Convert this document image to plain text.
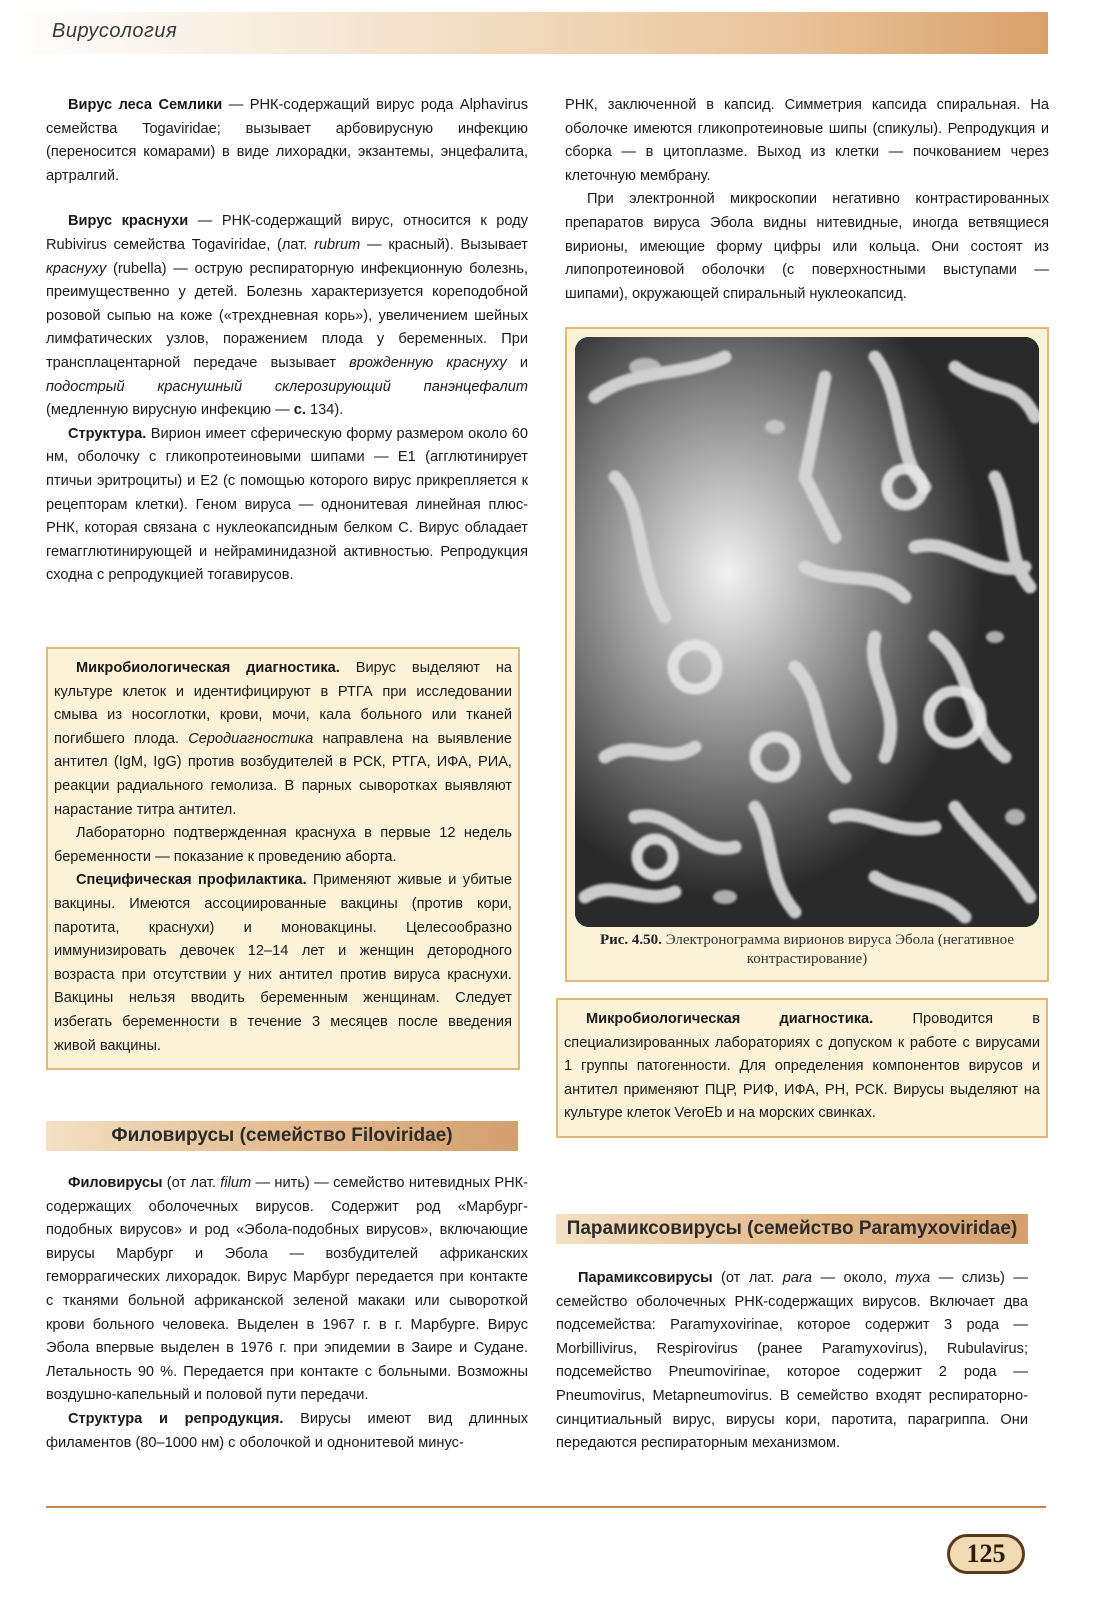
Вирусология

Вирус леса Семлики — РНК-содержащий вирус рода Alphavirus семейства Togaviridae; вызывает арбовирусную инфекцию (переносится комарами) в виде лихорадки, экзантемы, энцефалита, артралгий.

Вирус краснухи — РНК-содержащий вирус, относится к роду Rubivirus семейства Togaviridae, (лат. rubrum — красный). Вызывает краснуху (rubella) — острую респираторную инфекционную болезнь, преимущественно у детей. Болезнь характеризуется кореподобной розовой сыпью на коже («трехдневная корь»), увеличением шейных лимфатических узлов, поражением плода у беременных. При трансплацентарной передаче вызывает врожденную краснуху и подострый краснушный склерозирующий панэнцефалит (медленную вирусную инфекцию — с. 134).

Структура. Вирион имеет сферическую форму размером около 60 нм, оболочку с гликопротеиновыми шипами — E1 (агглютинирует птичьи эритроциты) и E2 (с помощью которого вирус прикрепляется к рецепторам клетки). Геном вируса — однонитевая линейная плюс-РНК, которая связана с нуклеокапсидным белком С. Вирус обладает гемагглютинирующей и нейраминидазной активностью. Репродукция сходна с репродукцией тогавирусов.

Микробиологическая диагностика. Вирус выделяют на культуре клеток и идентифицируют в РТГА при исследовании смыва из носоглотки, крови, мочи, кала больного или тканей погибшего плода. Серодиагностика направлена на выявление антител (IgM, IgG) против возбудителей в РСК, РТГА, ИФА, РИА, реакции радиального гемолиза. В парных сыворотках выявляют нарастание титра антител.

Лабораторно подтвержденная краснуха в первые 12 недель беременности — показание к проведению аборта.

Специфическая профилактика. Применяют живые и убитые вакцины. Имеются ассоциированные вакцины (против кори, паротита, краснухи) и моновакцины. Целесообразно иммунизировать девочек 12–14 лет и женщин детородного возраста при отсутствии у них антител против вируса краснухи. Вакцины нельзя вводить беременным женщинам. Следует избегать беременности в течение 3 месяцев после введения живой вакцины.

Филовирусы (семейство Filoviridae)

Филовирусы (от лат. filum — нить) — семейство нитевидных РНК-содержащих оболочечных вирусов. Содержит род «Марбург-подобных вирусов» и род «Эбола-подобных вирусов», включающие вирусы Марбург и Эбола — возбудителей африканских геморрагических лихорадок. Вирус Марбург передается при контакте с тканями больной африканской зеленой макаки или сывороткой крови больного человека. Выделен в 1967 г. в г. Марбурге. Вирус Эбола впервые выделен в 1976 г. при эпидемии в Заире и Судане. Летальность 90 %. Передается при контакте с больными. Возможны воздушно-капельный и половой пути передачи.

Структура и репродукция. Вирусы имеют вид длинных филаментов (80–1000 нм) с оболочкой и однонитевой минус-

РНК, заключенной в капсид. Симметрия капсида спиральная. На оболочке имеются гликопротеиновые шипы (спикулы). Репродукция и сборка — в цитоплазме. Выход из клетки — почкованием через клеточную мембрану.

При электронной микроскопии негативно контрастированных препаратов вируса Эбола видны нитевидные, иногда ветвящиеся вирионы, имеющие форму цифры или кольца. Они состоят из липопротеиновой оболочки (с поверхностными выступами — шипами), окружающей спиральный нуклеокапсид.

Рис. 4.50. Электронограмма вирионов вируса Эбола (негативное контрастирование)

Микробиологическая диагностика. Проводится в специализированных лабораториях с допуском к работе с вирусами 1 группы патогенности. Для определения компонентов вирусов и антител применяют ПЦР, РИФ, ИФА, РН, РСК. Вирусы выделяют на культуре клеток VeroEb и на морских свинках.

Парамиксовирусы (семейство Paramyxoviridae)

Парамиксовирусы (от лат. para — около, myxa — слизь) — семейство оболочечных РНК-содержащих вирусов. Включает два подсемейства: Paramyxovirinae, которое содержит 3 рода — Morbillivirus, Respirovirus (ранее Paramyxovirus), Rubulavirus; подсемейство Pneumovirinae, которое содержит 2 рода — Pneumovirus, Metapneumovirus. В семейство входят респираторно-синцитиальный вирус, вирусы кори, паротита, парагриппа. Они передаются респираторным механизмом.

125
